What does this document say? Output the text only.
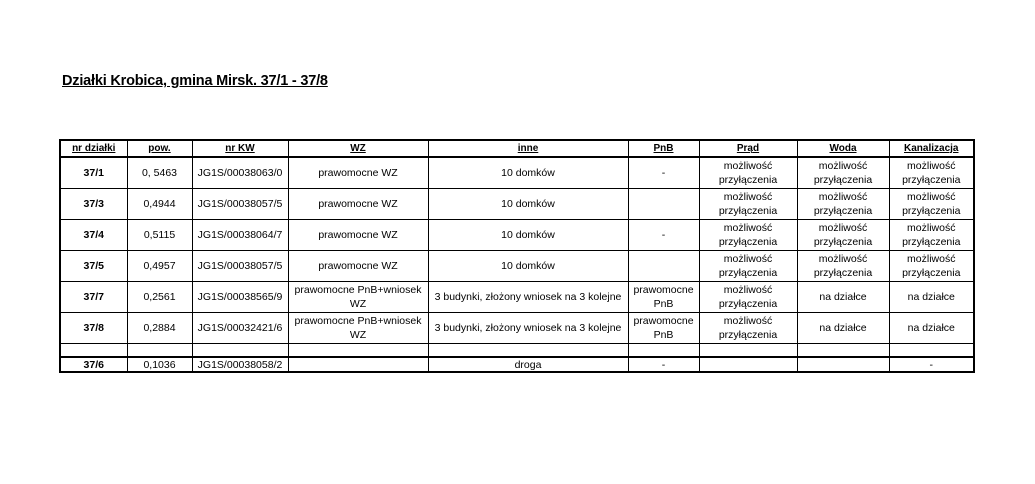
Działki Krobica, gmina Mirsk. 37/1 - 37/8
nr działki	pow.	nr KW	WZ	inne	PnB	Prąd	Woda	Kanalizacja
37/1	0, 5463	JG1S/00038063/0	prawomocne WZ	10 domków	-	możliwość przyłączenia	możliwość przyłączenia	możliwość przyłączenia
37/3	0,4944	JG1S/00038057/5	prawomocne WZ	10 domków		możliwość przyłączenia	możliwość przyłączenia	możliwość przyłączenia
37/4	0,5115	JG1S/00038064/7	prawomocne WZ	10 domków	-	możliwość przyłączenia	możliwość przyłączenia	możliwość przyłączenia
37/5	0,4957	JG1S/00038057/5	prawomocne WZ	10 domków		możliwość przyłączenia	możliwość przyłączenia	możliwość przyłączenia
37/7	0,2561	JG1S/00038565/9	prawomocne PnB+wniosek WZ	3 budynki, złożony wniosek na 3 kolejne	prawomocne PnB	możliwość przyłączenia	na działce	na działce
37/8	0,2884	JG1S/00032421/6	prawomocne PnB+wniosek WZ	3 budynki, złożony wniosek na 3 kolejne	prawomocne PnB	możliwość przyłączenia	na działce	na działce

37/6	0,1036	JG1S/00038058/2		droga	-			-
